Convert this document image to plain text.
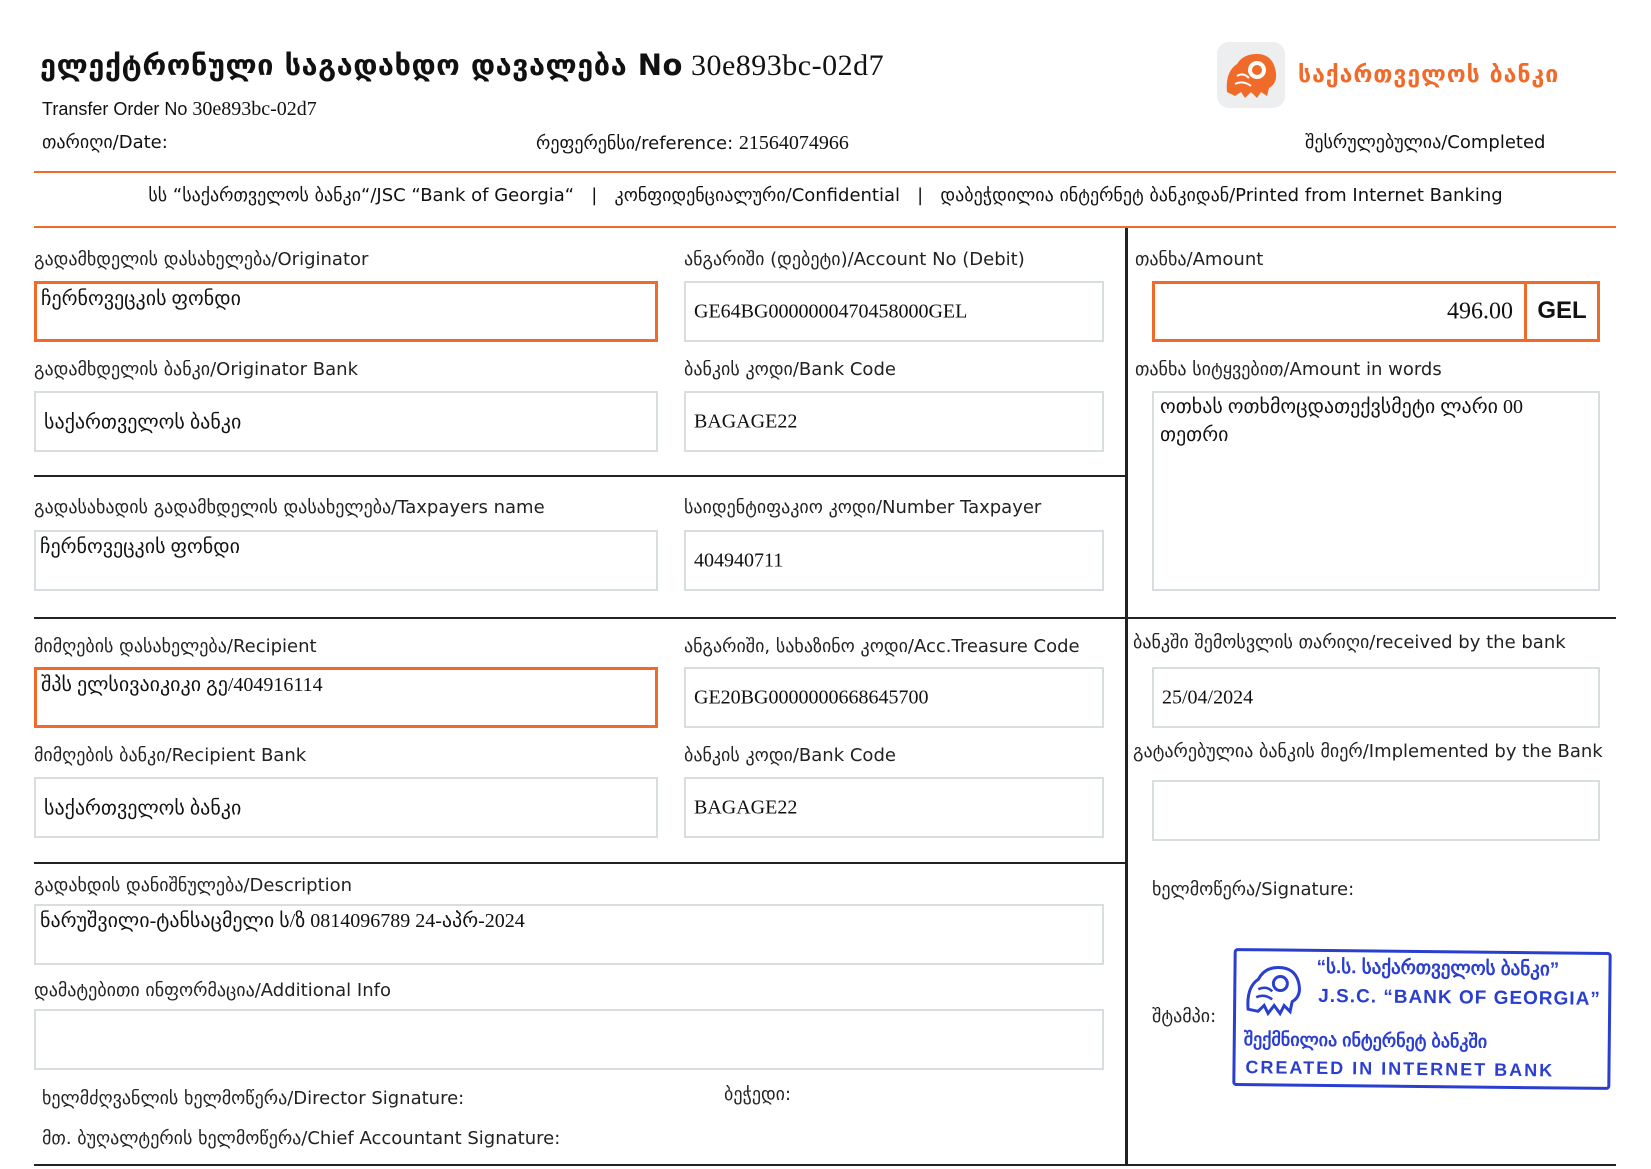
ელექტრონული საგადახდო დავალება No 30e893bc-02d7
Transfer Order No 30e893bc-02d7
თარიღი/Date:	რეფერენსი/reference: 21564074966	შესრულებულია/Completed
საქართველოს ბანკი
სს “საქართველოს ბანკი“/JSC “Bank of Georgia“   |   კონფიდენციალური/Confidential   |   დაბეჭდილია ინტერნეტ ბანკიდან/Printed from Internet Banking
გადამხდელის დასახელება/Originator
ჩერნოვეცკის ფონდი
ანგარიში (დებეტი)/Account No (Debit)
GE64BG0000000470458000GEL
გადამხდელის ბანკი/Originator Bank
საქართველოს ბანკი
ბანკის კოდი/Bank Code
BAGAGE22
თანხა/Amount
496.00	GEL
თანხა სიტყვებით/Amount in words
ოთხას ოთხმოცდათექვსმეტი ლარი 00 თეთრი
გადასახადის გადამხდელის დასახელება/Taxpayers name
ჩერნოვეცკის ფონდი
საიდენტიფაკიო კოდი/Number Taxpayer
404940711
მიმღების დასახელება/Recipient
შპს ელსივაიკიკი გე/404916114
ანგარიში, სახაზინო კოდი/Acc.Treasure Code
GE20BG0000000668645700
მიმღების ბანკი/Recipient Bank
საქართველოს ბანკი
ბანკის კოდი/Bank Code
BAGAGE22
ბანკში შემოსვლის თარიღი/received by the bank
25/04/2024
გატარებულია ბანკის მიერ/Implemented by the Bank
გადახდის დანიშნულება/Description
ნარუშვილი-ტანსაცმელი ს/ზ 0814096789 24-აპრ-2024
დამატებითი ინფორმაცია/Additional Info
ხელმძღვანლის ხელმოწერა/Director Signature:	ბეჭედი:
მთ. ბუღალტერის ხელმოწერა/Chief Accountant Signature:
ხელმოწერა/Signature:
შტამპი:
“ს.ს. საქართველოს ბანკი”
J.S.C. “BANK OF GEORGIA”
შექმნილია ინტერნეტ ბანკში
CREATED IN INTERNET BANK
